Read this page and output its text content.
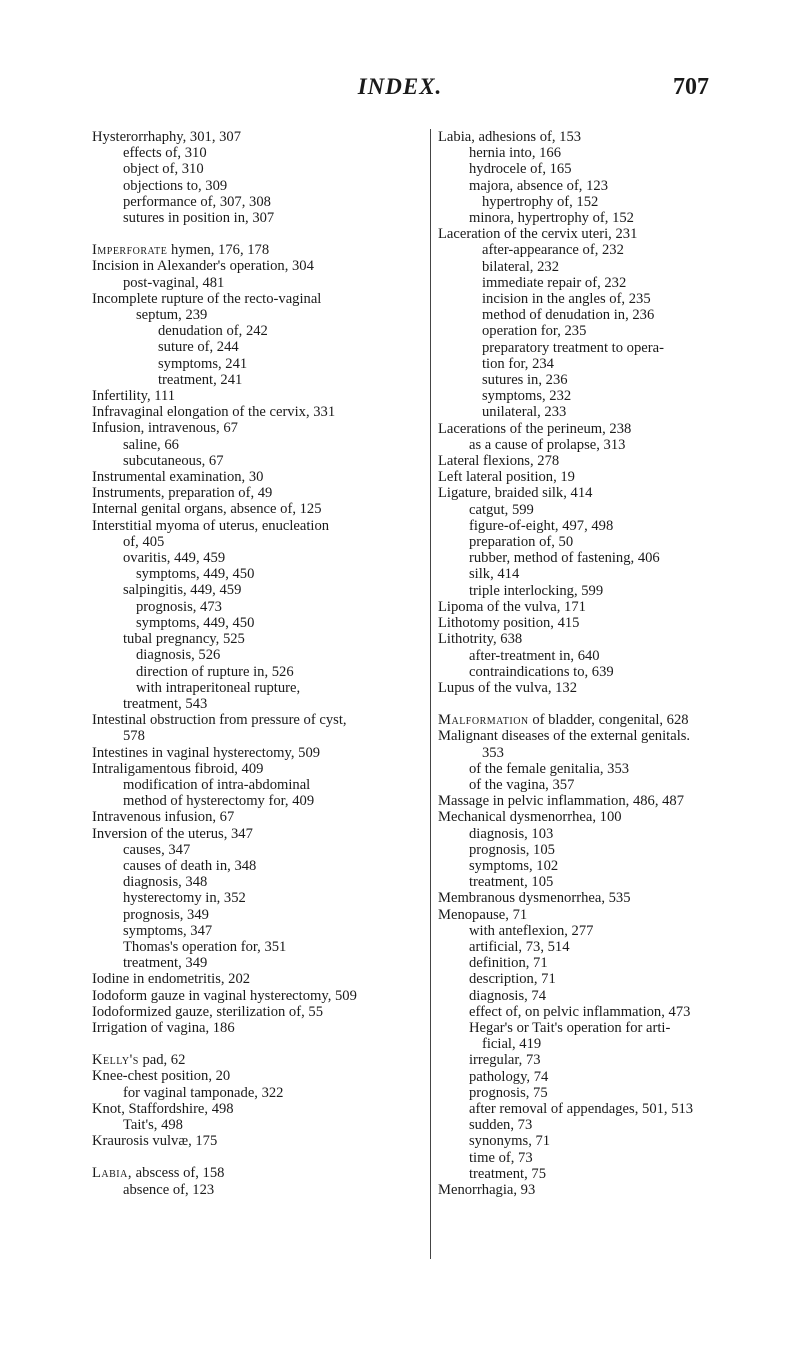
INDEX.	707
Hysterorrhaphy, 301, 307
effects of, 310
object of, 310
objections to, 309
performance of, 307, 308
sutures in position in, 307
Imperforate hymen, 176, 178
Incision in Alexander's operation, 304
post-vaginal, 481
Incomplete rupture of the recto-vaginal
septum, 239
denudation of, 242
suture of, 244
symptoms, 241
treatment, 241
Infertility, 111
Infravaginal elongation of the cervix, 331
Infusion, intravenous, 67
saline, 66
subcutaneous, 67
Instrumental examination, 30
Instruments, preparation of, 49
Internal genital organs, absence of, 125
Interstitial myoma of uterus, enucleation
of, 405
ovaritis, 449, 459
symptoms, 449, 450
salpingitis, 449, 459
prognosis, 473
symptoms, 449, 450
tubal pregnancy, 525
diagnosis, 526
direction of rupture in, 526
with intraperitoneal rupture,
treatment, 543
Intestinal obstruction from pressure of cyst,
578
Intestines in vaginal hysterectomy, 509
Intraligamentous fibroid, 409
modification of intra-abdominal
method of hysterectomy for, 409
Intravenous infusion, 67
Inversion of the uterus, 347
causes, 347
causes of death in, 348
diagnosis, 348
hysterectomy in, 352
prognosis, 349
symptoms, 347
Thomas's operation for, 351
treatment, 349
Iodine in endometritis, 202
Iodoform gauze in vaginal hysterectomy, 509
Iodoformized gauze, sterilization of, 55
Irrigation of vagina, 186
Kelly's pad, 62
Knee-chest position, 20
for vaginal tamponade, 322
Knot, Staffordshire, 498
Tait's, 498
Kraurosis vulvæ, 175
Labia, abscess of, 158
absence of, 123
Labia, adhesions of, 153
hernia into, 166
hydrocele of, 165
majora, absence of, 123
hypertrophy of, 152
minora, hypertrophy of, 152
Laceration of the cervix uteri, 231
after-appearance of, 232
bilateral, 232
immediate repair of, 232
incision in the angles of, 235
method of denudation in, 236
operation for, 235
preparatory treatment to opera-
tion for, 234
sutures in, 236
symptoms, 232
unilateral, 233
Lacerations of the perineum, 238
as a cause of prolapse, 313
Lateral flexions, 278
Left lateral position, 19
Ligature, braided silk, 414
catgut, 599
figure-of-eight, 497, 498
preparation of, 50
rubber, method of fastening, 406
silk, 414
triple interlocking, 599
Lipoma of the vulva, 171
Lithotomy position, 415
Lithotrity, 638
after-treatment in, 640
contraindications to, 639
Lupus of the vulva, 132
Malformation of bladder, congenital, 628
Malignant diseases of the external genitals.
353
of the female genitalia, 353
of the vagina, 357
Massage in pelvic inflammation, 486, 487
Mechanical dysmenorrhea, 100
diagnosis, 103
prognosis, 105
symptoms, 102
treatment, 105
Membranous dysmenorrhea, 535
Menopause, 71
with anteflexion, 277
artificial, 73, 514
definition, 71
description, 71
diagnosis, 74
effect of, on pelvic inflammation, 473
Hegar's or Tait's operation for arti-
ficial, 419
irregular, 73
pathology, 74
prognosis, 75
after removal of appendages, 501, 513
sudden, 73
synonyms, 71
time of, 73
treatment, 75
Menorrhagia, 93
